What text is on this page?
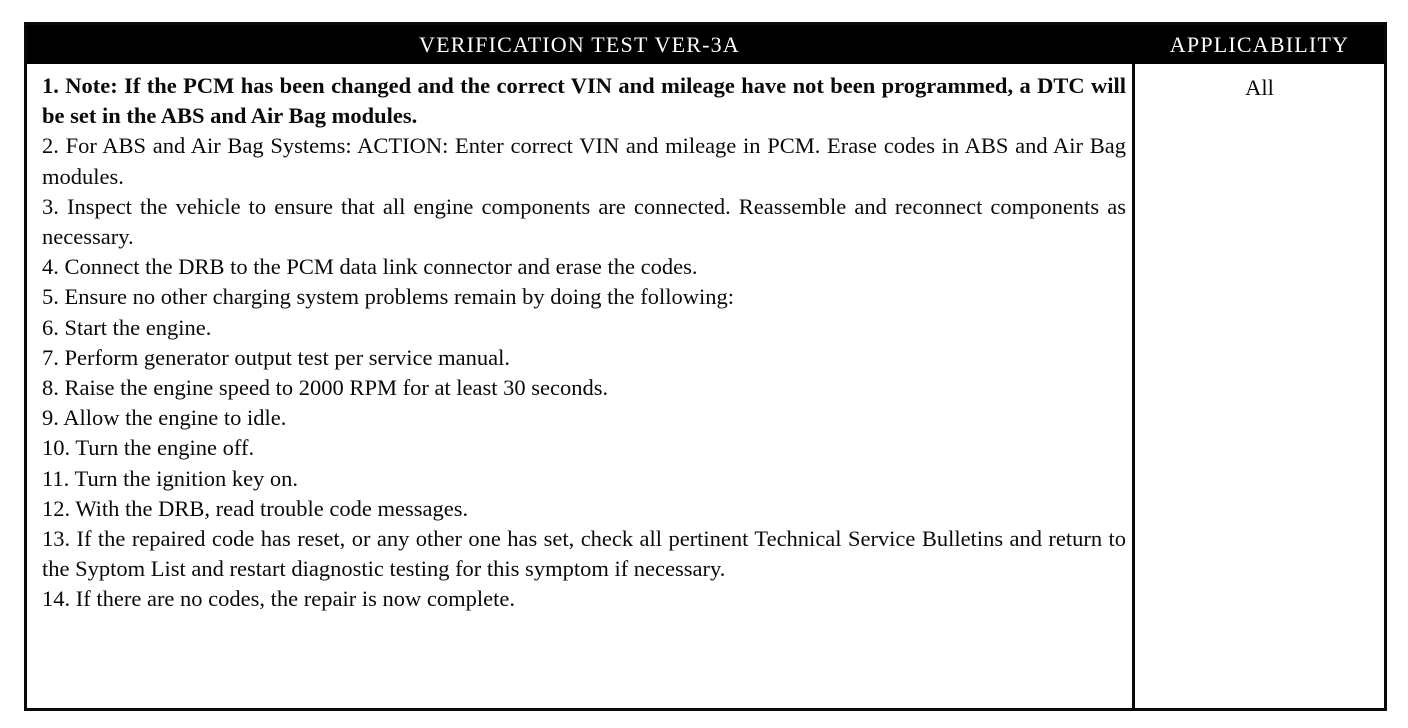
VERIFICATION TEST VER-3A	APPLICABILITY
1. Note: If the PCM has been changed and the correct VIN and mileage have not been programmed, a DTC will be set in the ABS and Air Bag modules.
2. For ABS and Air Bag Systems: ACTION: Enter correct VIN and mileage in PCM. Erase codes in ABS and Air Bag modules.
3. Inspect the vehicle to ensure that all engine components are connected. Reassemble and reconnect components as necessary.
4. Connect the DRB to the PCM data link connector and erase the codes.
5. Ensure no other charging system problems remain by doing the following:
6. Start the engine.
7. Perform generator output test per service manual.
8. Raise the engine speed to 2000 RPM for at least 30 seconds.
9. Allow the engine to idle.
10. Turn the engine off.
11. Turn the ignition key on.
12. With the DRB, read trouble code messages.
13. If the repaired code has reset, or any other one has set, check all pertinent Technical Service Bulletins and return to the Syptom List and restart diagnostic testing for this symptom if necessary.
14. If there are no codes, the repair is now complete.
All
